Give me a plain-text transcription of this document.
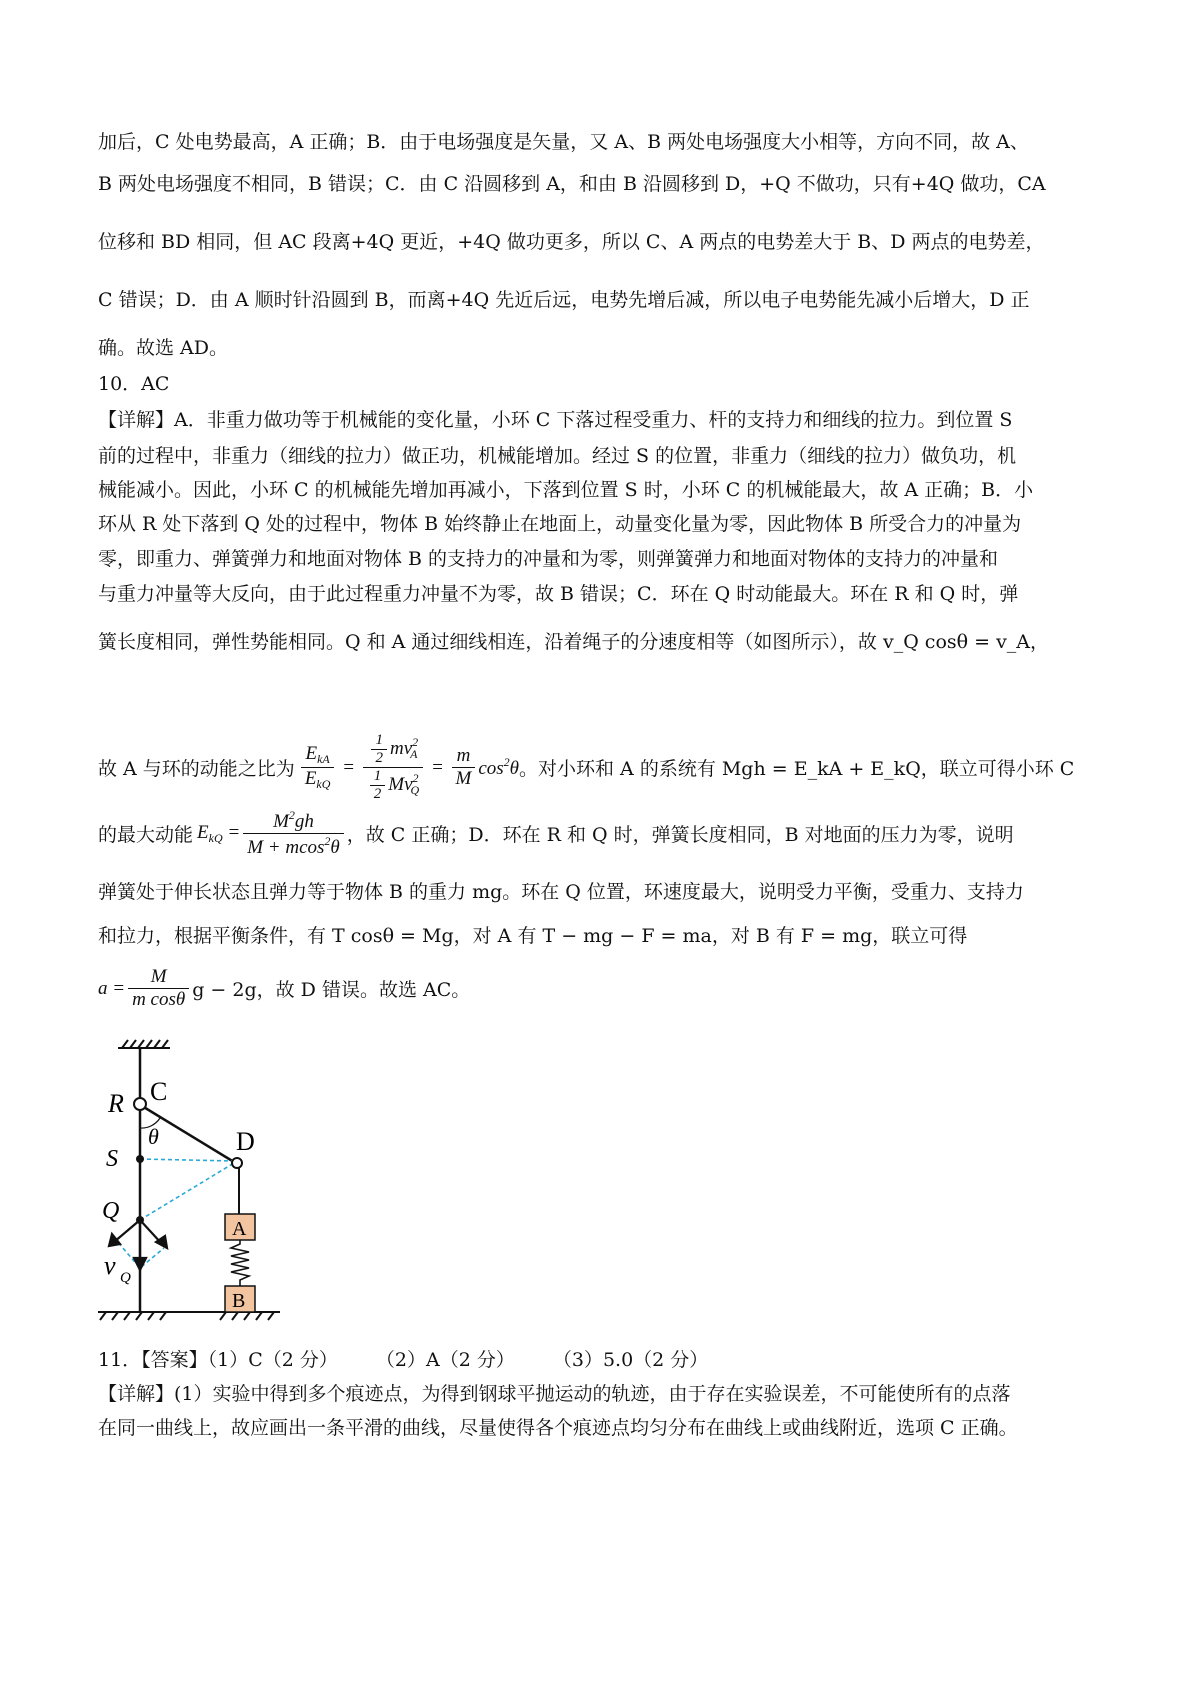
加后，C 处电势最高，A 正确；B．由于电场强度是矢量，又 A、B 两处电场强度大小相等，方向不同，故 A、
B 两处电场强度不相同，B 错误；C．由 C 沿圆移到 A，和由 B 沿圆移到 D，+Q 不做功，只有+4Q 做功，CA
位移和 BD 相同，但 AC 段离+4Q 更近，+4Q 做功更多，所以 C、A 两点的电势差大于 B、D 两点的电势差，
C 错误；D．由 A 顺时针沿圆到 B，而离+4Q 先近后远，电势先增后减，所以电子电势能先减小后增大，D 正
确。故选 AD。
10．AC
【详解】A．非重力做功等于机械能的变化量，小环 C 下落过程受重力、杆的支持力和细线的拉力。到位置 S
前的过程中，非重力（细线的拉力）做正功，机械能增加。经过 S 的位置，非重力（细线的拉力）做负功，机
械能减小。因此，小环 C 的机械能先增加再减小，下落到位置 S 时，小环 C 的机械能最大，故 A 正确；B．小
环从 R 处下落到 Q 处的过程中，物体 B 始终静止在地面上，动量变化量为零，因此物体 B 所受合力的冲量为
零，即重力、弹簧弹力和地面对物体 B 的支持力的冲量和为零，则弹簧弹力和地面对物体的支持力的冲量和
与重力冲量等大反向，由于此过程重力冲量不为零，故 B 错误；C．环在 Q 时动能最大。环在 R 和 Q 时，弹
簧长度相同，弹性势能相同。Q 和 A 通过细线相连，沿着绳子的分速度相等（如图所示），故 v_Q cosθ = v_A，
故 A 与环的动能之比为 $\frac{E_{kA}}{E_{kQ}} = \frac{\frac{1}{2} mv^2_A}{\frac{1}{2} Mv^2_Q} = \frac{m}{M} \cos^2\theta$ 。对小环和 A 的系统有 Mgh = E_kA + E_kQ，联立可得小环 C
的最大动能 $E_{kQ} = \frac{M^2gh}{M + mcos^2\theta}$ ，故 C 正确；D．环在 R 和 Q 时，弹簧长度相同，B 对地面的压力为零，说明
弹簧处于伸长状态且弹力等于物体 B 的重力 mg。环在 Q 位置，环速度最大，说明受力平衡，受重力、支持力
和拉力，根据平衡条件，有 T cosθ = Mg，对 A 有 T − mg − F = ma，对 B 有 F = mg，联立可得
$a = \frac{M}{\text{m cosθ}}$ g − 2g，故 D 错误。故选 AC。
R C
θ	D
S
Q
v Q
A
B
11．【答案】（1）C（2 分）　　　（2）A（2 分）　　　（3）5.0（2 分）
【详解】(1）实验中得到多个痕迹点，为得到钢球平抛运动的轨迹，由于存在实验误差，不可能使所有的点落
在同一曲线上，故应画出一条平滑的曲线，尽量使得各个痕迹点均匀分布在曲线上或曲线附近，选项 C 正确。
